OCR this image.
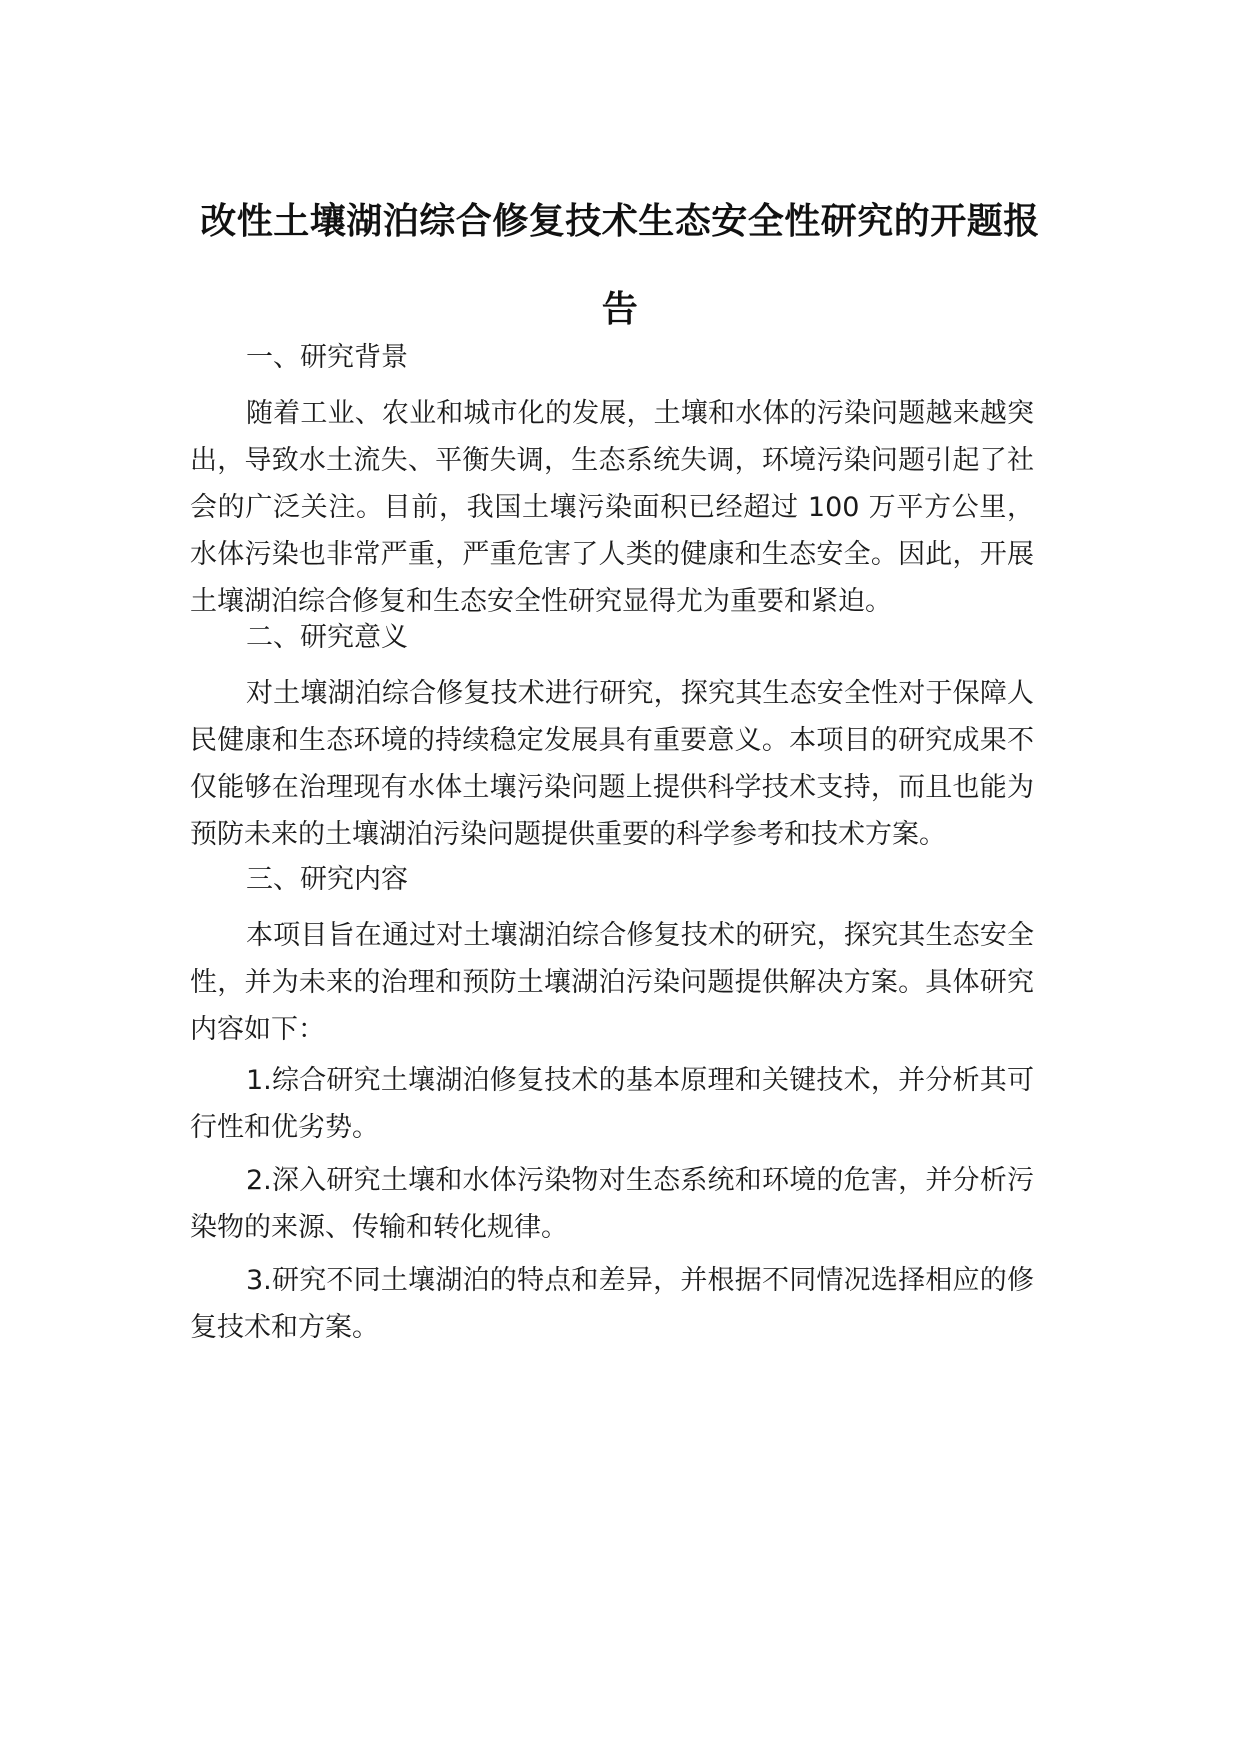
改性土壤湖泊综合修复技术生态安全性研究的开题报告
一、研究背景
随着工业、农业和城市化的发展，土壤和水体的污染问题越来越突出，导致水土流失、平衡失调，生态系统失调，环境污染问题引起了社会的广泛关注。目前，我国土壤污染面积已经超过 100 万平方公里，水体污染也非常严重，严重危害了人类的健康和生态安全。因此，开展土壤湖泊综合修复和生态安全性研究显得尤为重要和紧迫。
二、研究意义
对土壤湖泊综合修复技术进行研究，探究其生态安全性对于保障人民健康和生态环境的持续稳定发展具有重要意义。本项目的研究成果不仅能够在治理现有水体土壤污染问题上提供科学技术支持，而且也能为预防未来的土壤湖泊污染问题提供重要的科学参考和技术方案。
三、研究内容
本项目旨在通过对土壤湖泊综合修复技术的研究，探究其生态安全性，并为未来的治理和预防土壤湖泊污染问题提供解决方案。具体研究内容如下：
1.综合研究土壤湖泊修复技术的基本原理和关键技术，并分析其可行性和优劣势。
2.深入研究土壤和水体污染物对生态系统和环境的危害，并分析污染物的来源、传输和转化规律。
3.研究不同土壤湖泊的特点和差异，并根据不同情况选择相应的修复技术和方案。
